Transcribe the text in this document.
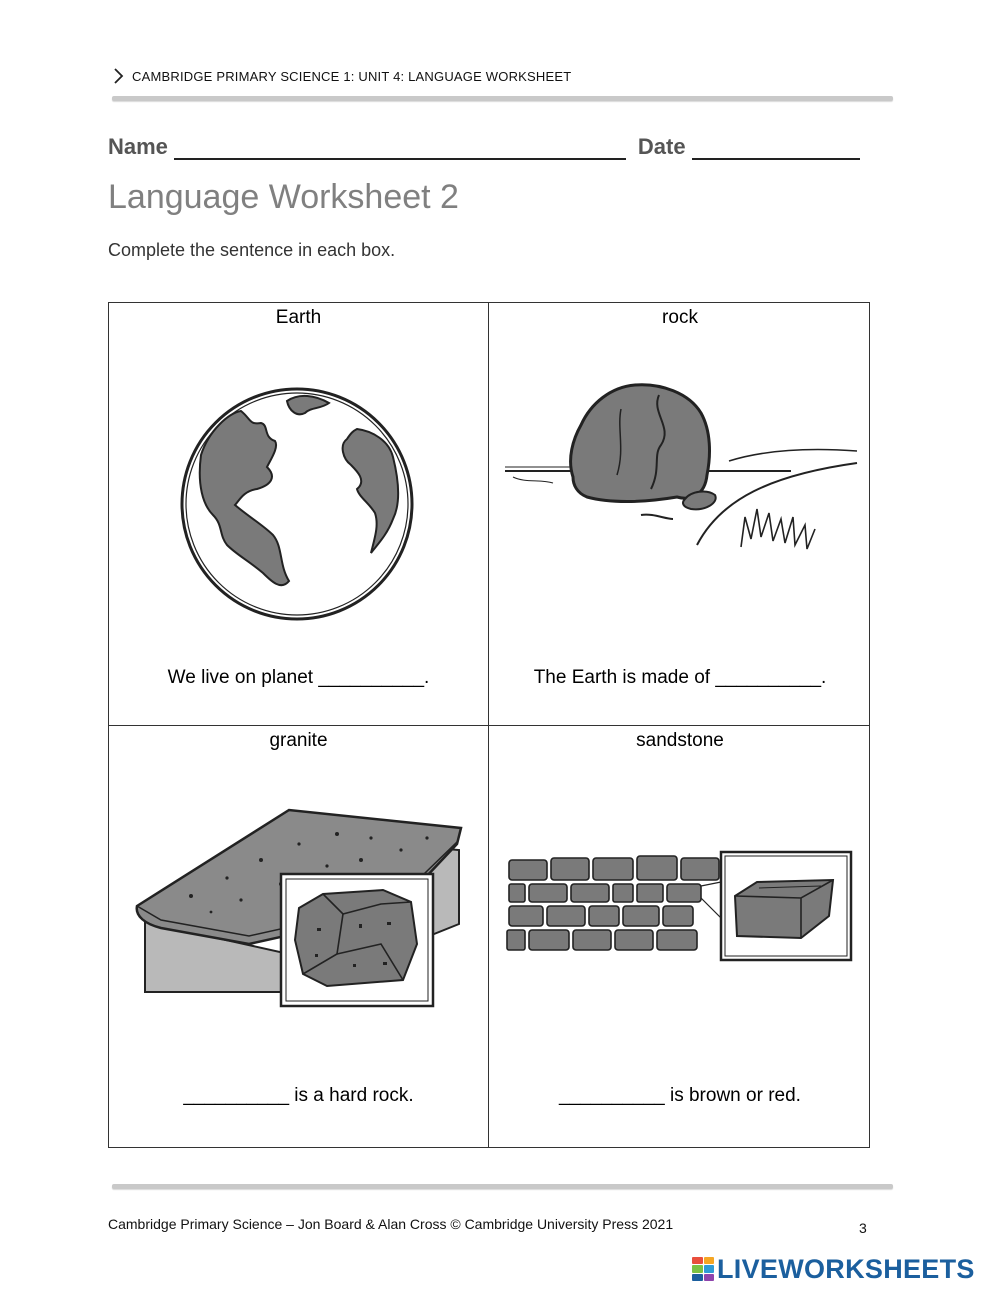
CAMBRIDGE PRIMARY SCIENCE 1: UNIT 4: LANGUAGE WORKSHEET
Name	Date
Language Worksheet 2

Complete the sentence in each box.

Earth
We live on planet __________.
rock
The Earth is made of __________.
granite
__________ is a hard rock.
sandstone
__________ is brown or red.
Cambridge Primary Science – Jon Board & Alan Cross © Cambridge University Press 2021	3
LIVEWORKSHEETS
